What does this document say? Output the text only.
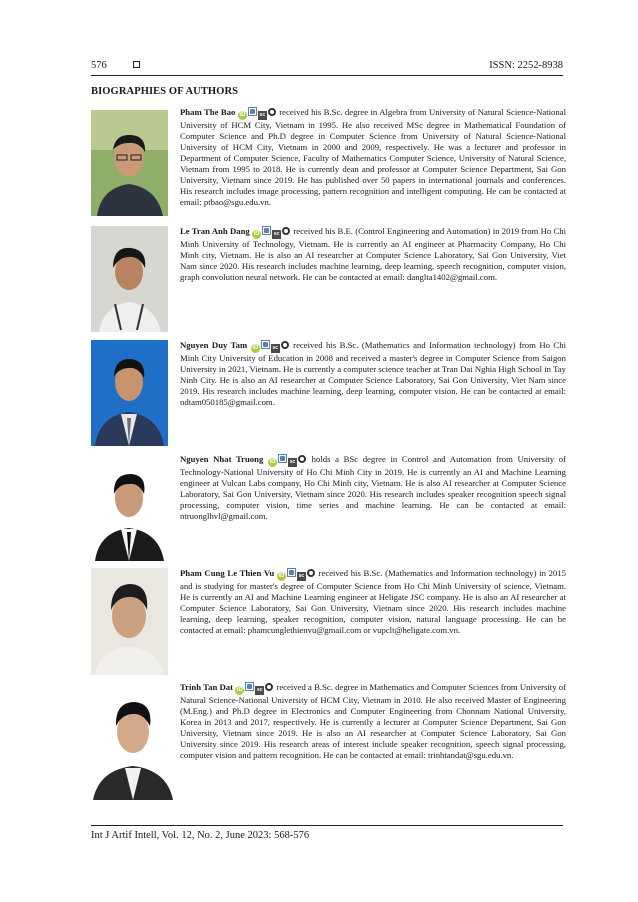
576	ISSN: 2252-8938
BIOGRAPHIES OF AUTHORS
Pham The Bao iD	sc received his B.Sc. degree in Algebra from University of Natural Science-National University of HCM City, Vietnam in 1995. He also received MSc degree in Mathematical Foundation of Computer Science and Ph.D degree in Computer Science from University of Natural Science-National University of HCM City, Vietnam in 2000 and 2009, respectively. He was a lecturer and professor in Department of Computer Science, Faculty of Mathematics Computer Science, University of Natural Science, Vietnam from 1995 to 2018. He is currently dean and professor at Computer Science Department, Sai Gon University, Vietnam since 2019. He has published over 50 papers in international journals and conferences. His research includes image processing, pattern recognition and intelligent computing. He can be contacted at email: ptbao@sgu.edu.vn.
Le Tran Anh Dang iD	sc received his B.E. (Control Engineering and Automation) in 2019 from Ho Chi Minh University of Technology, Vietnam. He is currently an AI engineer at Pharmacity Company, Ho Chi Minh city, Vietnam. He is also an AI researcher at Computer Science Laboratory, Sai Gon University, Viet Nam since 2020. His research includes machine learning, deep learning, speech recognition, computer vision, graph convolution neural network. He can be contacted at email: danglta1402@gmail.com.
Nguyen Duy Tam iD	sc received his B.Sc. (Mathematics and Information technology) from Ho Chi Minh City University of Education in 2008 and received a master's degree in Computer Science from Saigon University in 2021, Vietnam. He is currently a computer science teacher at Tran Dai Nghia High School in Tay Ninh City. He is also an AI researcher at Computer Science Laboratory, Sai Gon University, Viet Nam since 2019. His research includes machine learning, deep learning, computer vision. He can be contacted at email: ndtam050185@gmail.com.
Nguyen Nhat Truong iD	sc holds a BSc degree in Control and Automation from University of Technology-National University of Ho Chi Minh City in 2019. He is currently an AI and Machine Learning engineer at Vulcan Labs company, Ho Chi Minh city, Vietnam. He is also AI researcher at Computer Science Laboratory, Sai Gon University, Vietnam since 2020. His research includes speaker recognition speech signal processing, computer vision, time series and machine learning. He can be contacted at email: ntruonglhvl@gmail.com.
Pham Cung Le Thien Vu iD	sc received his B.Sc. (Mathematics and Information technology) in 2015 and is studying for master's degree of Computer Science from Ho Chi Minh University of science, Vietnam. He is currently an AI and Machine Learning engineer at Heligate JSC company. He is also an AI researcher at Computer Science Laboratory, Sai Gon University, Vietnam since 2020. His research includes machine learning, deep learning, speaker recognition, computer vision, natural language processing. He can be contacted at email: phamcunglethienvu@gmail.com or vupclt@heligate.com.vn.
Trinh Tan Dat iD	sc received a B.Sc. degree in Mathematics and Computer Sciences from University of Natural Science-National University of HCM City, Vietnam in 2010. He also received Master of Engineering (M.Eng.) and Ph.D degree in Electronics and Computer Engineering from Chonnam National University, Korea in 2013 and 2017, respectively. He is currently a lecturer at Computer Science Department, Sai Gon University, Vietnam since 2019. He is also an AI researcher at Computer Science Laboratory, Sai Gon University since 2019. His research areas of interest include speaker recognition, speech signal processing, computer vision and pattern recognition. He can be contacted at email: trinhtandat@sgu.edu.vn.
Int J Artif Intell, Vol. 12, No. 2, June 2023: 568-576
